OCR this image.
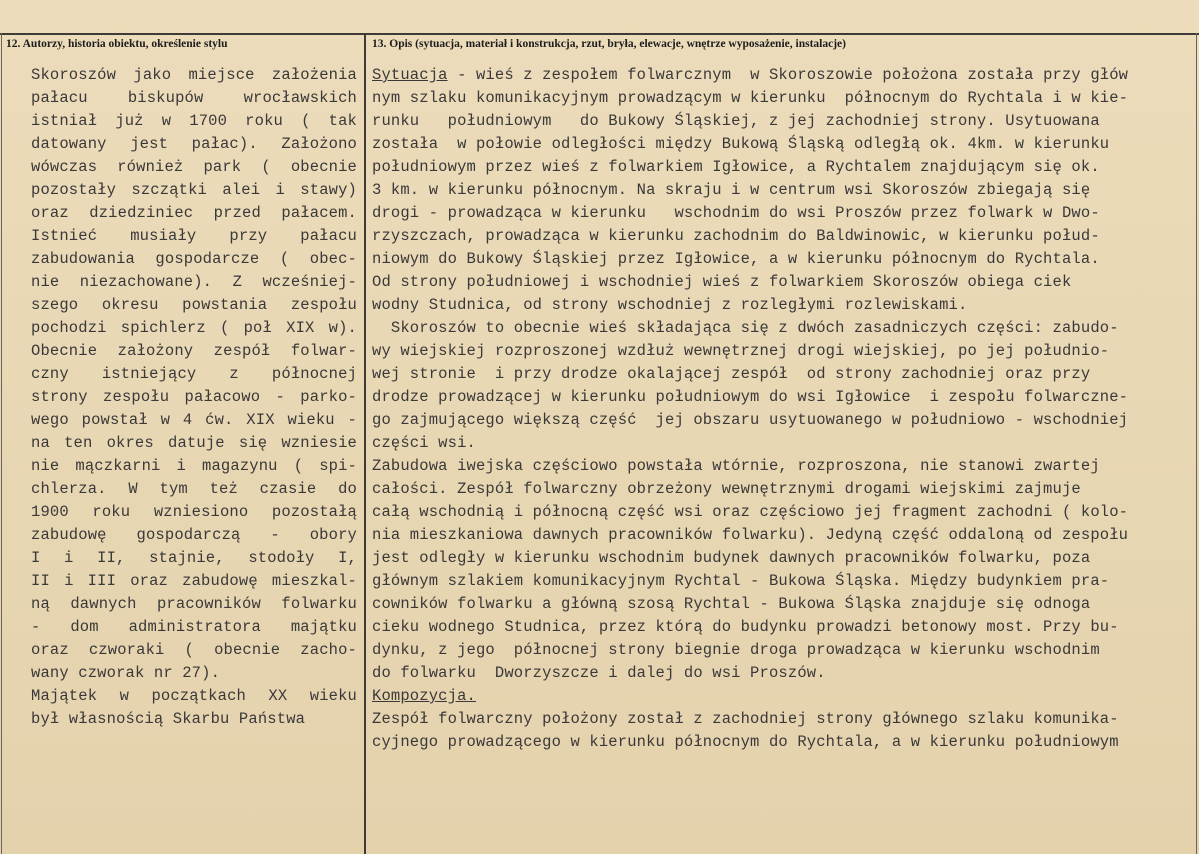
12. Autorzy, historia obiektu, określenie stylu	13. Opis (sytuacja, materiał i konstrukcja, rzut, bryła, elewacje, wnętrze wyposażenie, instalacje)
Skoroszów jako miejsce założenia
pałacu biskupów wrocławskich
istniał już w 1700 roku ( tak
datowany jest pałac). Założono
wówczas również park ( obecnie
pozostały szczątki alei i stawy)
oraz dziedziniec przed pałacem.
Istnieć musiały przy pałacu
zabudowania gospodarcze ( obec-
nie niezachowane). Z wcześniej-
szego okresu powstania zespołu
pochodzi spichlerz ( poł XIX w).
Obecnie założony zespół folwar-
czny istniejący z północnej
strony zespołu pałacowo - parko-
wego powstał w 4 ćw. XIX wieku -
na ten okres datuje się wzniesie
nie mączkarni i magazynu ( spi-
chlerza. W tym też czasie do
1900 roku wzniesiono pozostałą
zabudowę gospodarczą - obory
I i II, stajnie, stodoły I,
II i III oraz zabudowę mieszkal-
ną dawnych pracowników folwarku
- dom administratora majątku
oraz czworaki ( obecnie zacho-
wany czworak nr 27).
Majątek w początkach XX wieku
był własnością Skarbu Państwa
Sytuacja - wieś z zespołem folwarcznym  w Skoroszowie położona została przy głów
nym szlaku komunikacyjnym prowadzącym w kierunku  północnym do Rychtala i w kie-
runku   południowym   do Bukowy Śląskiej, z jej zachodniej strony. Usytuowana
została  w połowie odległości między Bukową Śląską odległą ok. 4km. w kierunku
południowym przez wieś z folwarkiem Igłowice, a Rychtalem znajdującym się ok.
3 km. w kierunku północnym. Na skraju i w centrum wsi Skoroszów zbiegają się
drogi - prowadząca w kierunku   wschodnim do wsi Proszów przez folwark w Dwo-
rzyszczach, prowadząca w kierunku zachodnim do Baldwinowic, w kierunku połud-
niowym do Bukowy Śląskiej przez Igłowice, a w kierunku północnym do Rychtala.
Od strony południowej i wschodniej wieś z folwarkiem Skoroszów obiega ciek
wodny Studnica, od strony wschodniej z rozległymi rozlewiskami.
Skoroszów to obecnie wieś składająca się z dwóch zasadniczych części: zabudo-
wy wiejskiej rozproszonej wzdłuż wewnętrznej drogi wiejskiej, po jej południo-
wej stronie  i przy drodze okalającej zespół  od strony zachodniej oraz przy
drodze prowadzącej w kierunku południowym do wsi Igłowice  i zespołu folwarczne-
go zajmującego większą część  jej obszaru usytuowanego w południowo - wschodniej
części wsi.
Zabudowa iwejska częściowo powstała wtórnie, rozproszona, nie stanowi zwartej
całości. Zespół folwarczny obrzeżony wewnętrznymi drogami wiejskimi zajmuje
całą wschodnią i północną część wsi oraz częściowo jej fragment zachodni ( kolo-
nia mieszkaniowa dawnych pracowników folwarku). Jedyną część oddaloną od zespołu
jest odległy w kierunku wschodnim budynek dawnych pracowników folwarku, poza
głównym szlakiem komunikacyjnym Rychtal - Bukowa Śląska. Między budynkiem pra-
cowników folwarku a główną szosą Rychtal - Bukowa Śląska znajduje się odnoga
cieku wodnego Studnica, przez którą do budynku prowadzi betonowy most. Przy bu-
dynku, z jego  północnej strony biegnie droga prowadząca w kierunku wschodnim
do folwarku  Dworzyszcze i dalej do wsi Proszów.
Kompozycja.
Zespół folwarczny położony został z zachodniej strony głównego szlaku komunika-
cyjnego prowadzącego w kierunku północnym do Rychtala, a w kierunku południowym
